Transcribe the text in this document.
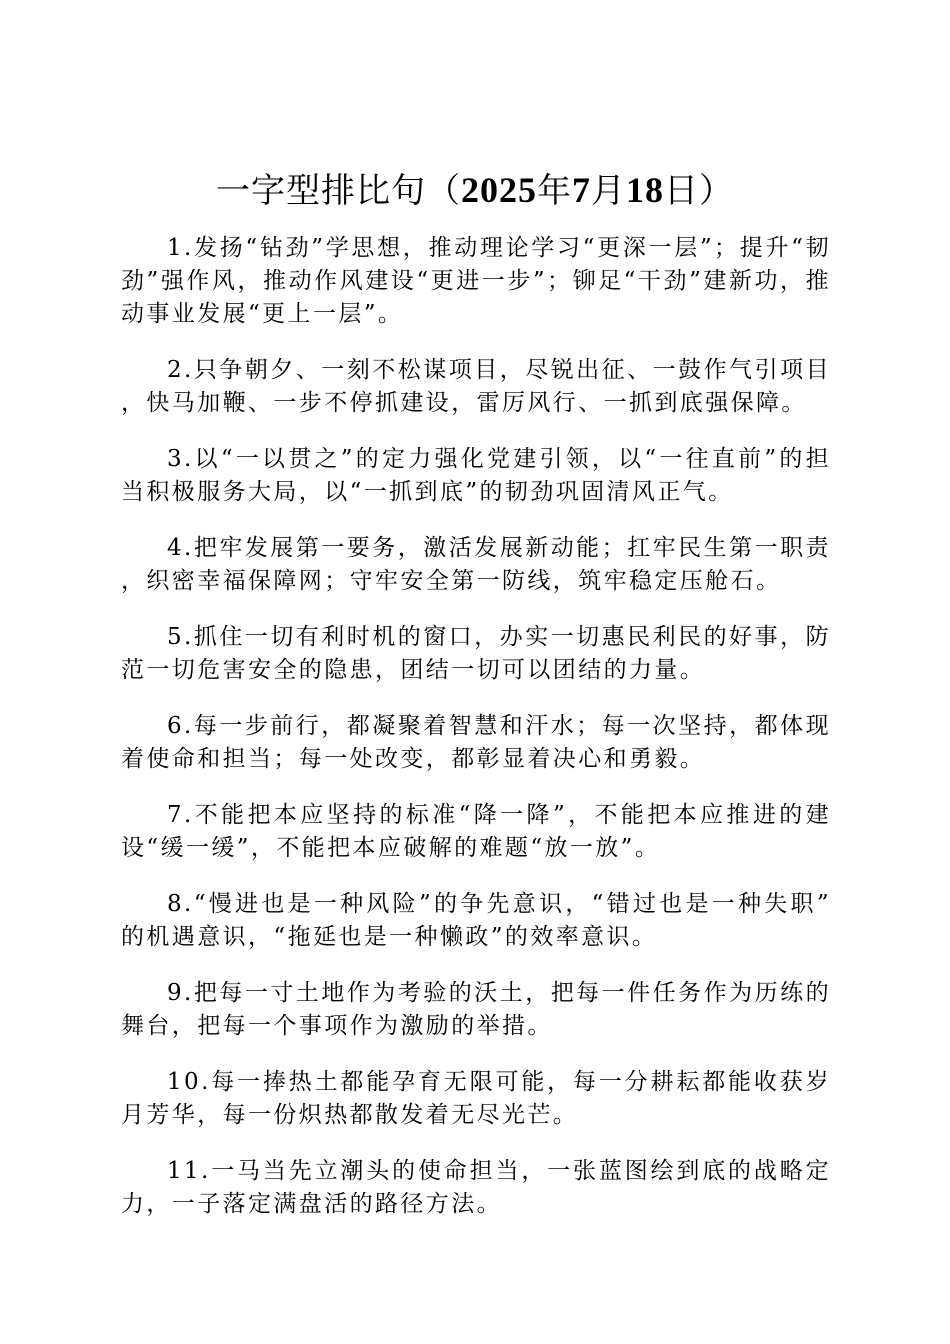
一字型排比句（2025年7月18日）

1.发扬“钻劲”学思想，推动理论学习“更深一层”；提升“韧劲”强作风，推动作风建设“更进一步”；铆足“干劲”建新功，推动事业发展“更上一层”。

2.只争朝夕、一刻不松谋项目，尽锐出征、一鼓作气引项目，快马加鞭、一步不停抓建设，雷厉风行、一抓到底强保障。

3.以“一以贯之”的定力强化党建引领，以“一往直前”的担当积极服务大局，以“一抓到底”的韧劲巩固清风正气。

4.把牢发展第一要务，激活发展新动能；扛牢民生第一职责，织密幸福保障网；守牢安全第一防线，筑牢稳定压舱石。

5.抓住一切有利时机的窗口，办实一切惠民利民的好事，防范一切危害安全的隐患，团结一切可以团结的力量。

6.每一步前行，都凝聚着智慧和汗水；每一次坚持，都体现着使命和担当；每一处改变，都彰显着决心和勇毅。

7.不能把本应坚持的标准“降一降”，不能把本应推进的建设“缓一缓”，不能把本应破解的难题“放一放”。

8.“慢进也是一种风险”的争先意识，“错过也是一种失职”的机遇意识，“拖延也是一种懒政”的效率意识。

9.把每一寸土地作为考验的沃土，把每一件任务作为历练的舞台，把每一个事项作为激励的举措。

10.每一捧热土都能孕育无限可能，每一分耕耘都能收获岁月芳华，每一份炽热都散发着无尽光芒。

11.一马当先立潮头的使命担当，一张蓝图绘到底的战略定力，一子落定满盘活的路径方法。
